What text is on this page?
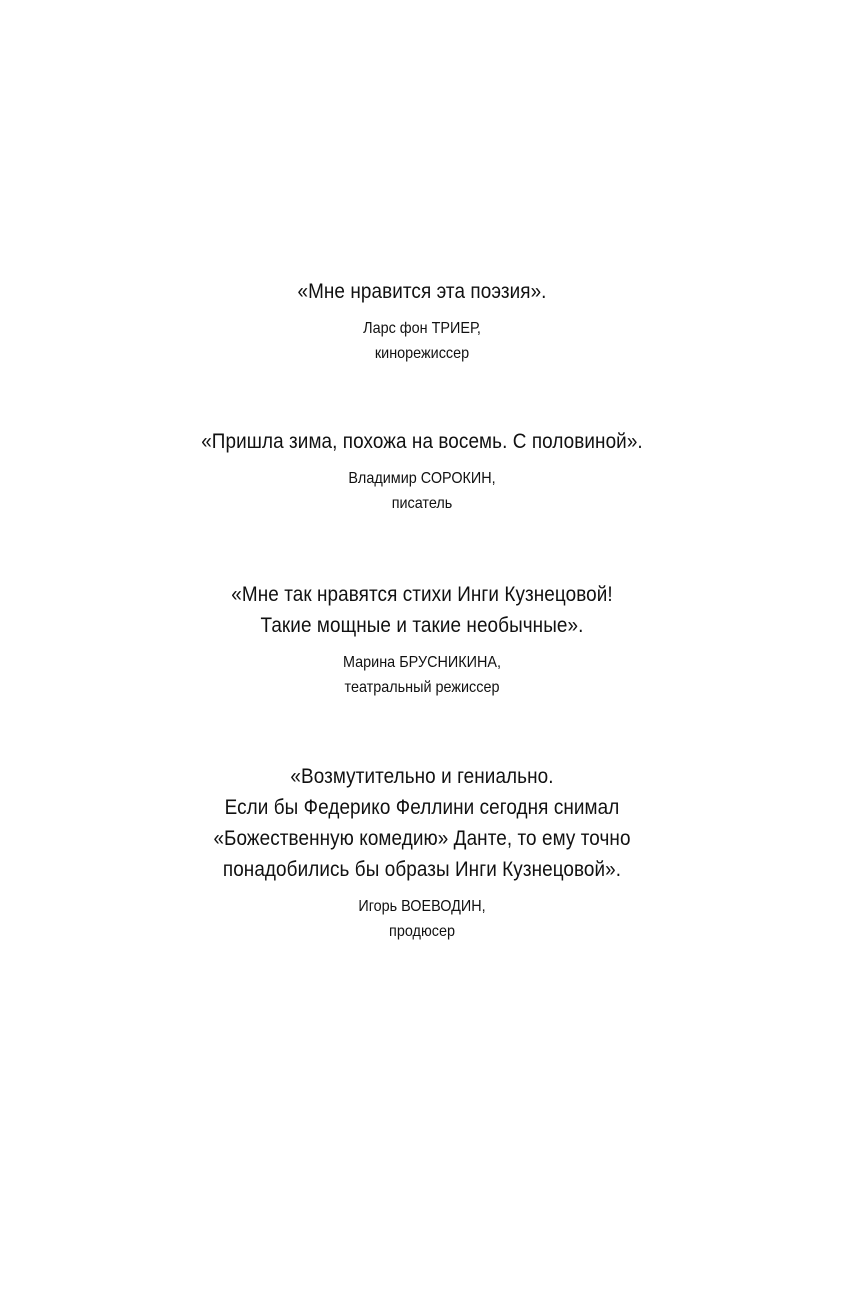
«Мне нравится эта поэзия».
Ларс фон ТРИЕР,
кинорежиссер
«Пришла зима, похожа на восемь. С половиной».
Владимир СОРОКИН,
писатель
«Мне так нравятся стихи Инги Кузнецовой!
Такие мощные и такие необычные».
Марина БРУСНИКИНА,
театральный режиссер
«Возмутительно и гениально.
Если бы Федерико Феллини сегодня снимал
«Божественную комедию» Данте, то ему точно
понадобились бы образы Инги Кузнецовой».
Игорь ВОЕВОДИН,
продюсер
